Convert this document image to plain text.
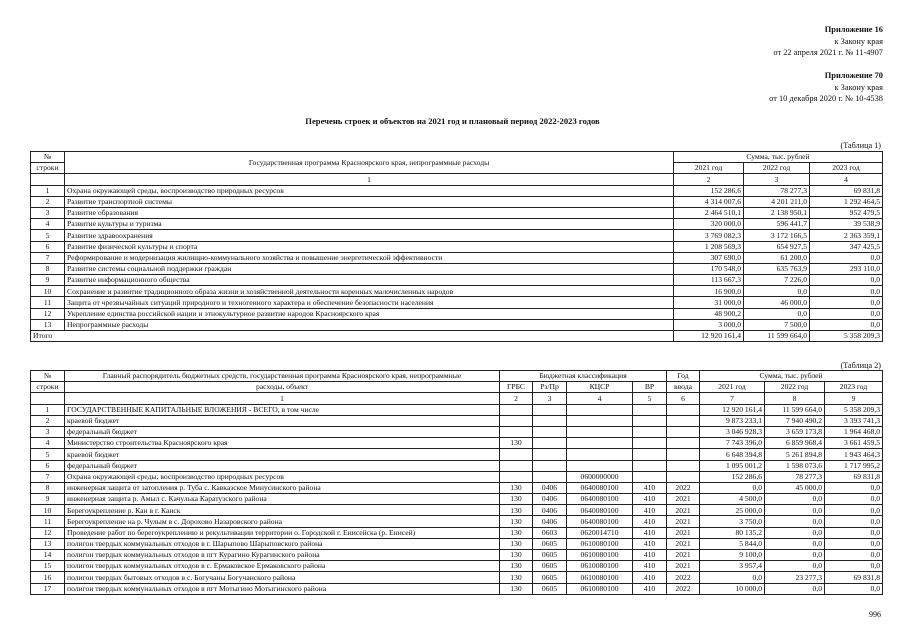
Приложение 16
к Закону края
от 22 апреля 2021 г. № 11-4907
Приложение 70
к Закону края
от 10 декабря 2020 г. № 10-4538
Перечень строек и объектов на 2021 год и плановый период 2022-2023 годов
(Таблица 1)
№	Государственная программа Красноярского края, непрограммные расходы	Сумма, тыс. рублей		
строки		2021 год	2022 год	2023 год
	1	2	3	4
1	Охрана окружающей среды, воспроизводство природных ресурсов	152 286,6	78 277,3	69 831,8
2	Развитие транспортной системы	4 314 007,6	4 201 211,0	1 292 464,5
3	Развитие образования	2 464 510,1	2 138 950,1	952 479,5
4	Развитие культуры и туризма	320 000,0	596 441,7	39 538,9
5	Развитие здравоохранения	3 769 082,3	3 172 166,5	2 363 359,1
6	Развитие физической культуры и спорта	1 208 569,3	654 927,5	347 425,5
7	Реформирование и модернизация жилищно-коммунального хозяйства и повышение энергетической эффективности	307 690,0	61 200,0	0,0
8	Развитие системы социальной поддержки граждан	170 548,0	635 763,9	293 110,0
9	Развитие информационного общества	113 667,3	7 226,0	0,0
10	Сохранение и развитие традиционного образа жизни и хозяйственной деятельности коренных малочисленных народов	16 900,0	0,0	0,0
11	Защита от чрезвычайных ситуаций природного и техногенного характера и обеспечение безопасности населения	31 000,0	46 000,0	0,0
12	Укрепление единства российской нации и этнокультурное развитие народов Красноярского края	48 900,2	0,0	0,0
13	Непрограммные расходы	3 000,0	7 500,0	0,0
Итого		12 920 161,4	11 599 664,0	5 358 209,3
(Таблица 2)
№	Главный распорядитель бюджетных средств, государственная программа Красноярского края, непрограммные	Бюджетная классификация				Год	Сумма, тыс. рублей		
строки	расходы, объект	ГРБС	Рз/Пр	КЦСР	ВР	ввода	2021 год	2022 год	2023 год
	1	2	3	4	5	6	7	8	9
1	ГОСУДАРСТВЕННЫЕ КАПИТАЛЬНЫЕ ВЛОЖЕНИЯ - ВСЕГО, в том числе						12 920 161,4	11 599 664,0	5 358 209,3
2	краевой бюджет						9 873 233,1	7 940 490,2	3 393 741,3
3	федеральный бюджет						3 046 928,3	3 659 173,8	1 964 468,0
4	Министерство строительства Красноярского края	130					7 743 396,0	6 859 968,4	3 661 459,5
5	краевой бюджет						6 648 394,8	5 261 894,8	1 943 464,3
6	федеральный бюджет						1 095 001,2	1 598 073,6	1 717 995,2
7	Охрана окружающей среды, воспроизводство природных ресурсов			0600000000			152 286,6	78 277,3	69 831,8
8	инженерная защита от затопления р. Туба с. Кавказское Минусинского района	130	0406	0640080100	410	2022	0,0	45 000,0	0,0
9	инженерная защита р. Амыл с. Качулька Каратузского района	130	0406	0640080100	410	2021	4 500,0	0,0	0,0
10	Берегоукрепление р. Кан в г. Канск	130	0406	0640080100	410	2021	25 000,0	0,0	0,0
11	Берегоукрепление на р. Чулым в с. Дорохово Назаровского района	130	0406	0640080100	410	2021	3 750,0	0,0	0,0
12	Проведение работ по берегоукреплению и рекультивации территории о. Городской г. Енисейска (р. Енисей)	130	0603	0620014710	410	2021	80 135,2	0,0	0,0
13	полигон твердых коммунальных отходов в г. Шарыпово Шарыповского района	130	0605	0610080100	410	2021	5 844,0	0,0	0,0
14	полигон твердых коммунальных отходов в пгт Курагино Курагинского района	130	0605	0610080100	410	2021	9 100,0	0,0	0,0
15	полигон твердых коммунальных отходов в с. Ермаковское Ермаковского района	130	0605	0610080100	410	2021	3 957,4	0,0	0,0
16	полигон твердых бытовых отходов в с. Богучаны Богучанского района	130	0605	0610080100	410	2022	0,0	23 277,3	69 831,8
17	полигон твердых коммунальных отходов в пгт Мотыгино Мотыгинского района	130	0605	0610080100	410	2022	10 000,0	0,0	0,0
996
